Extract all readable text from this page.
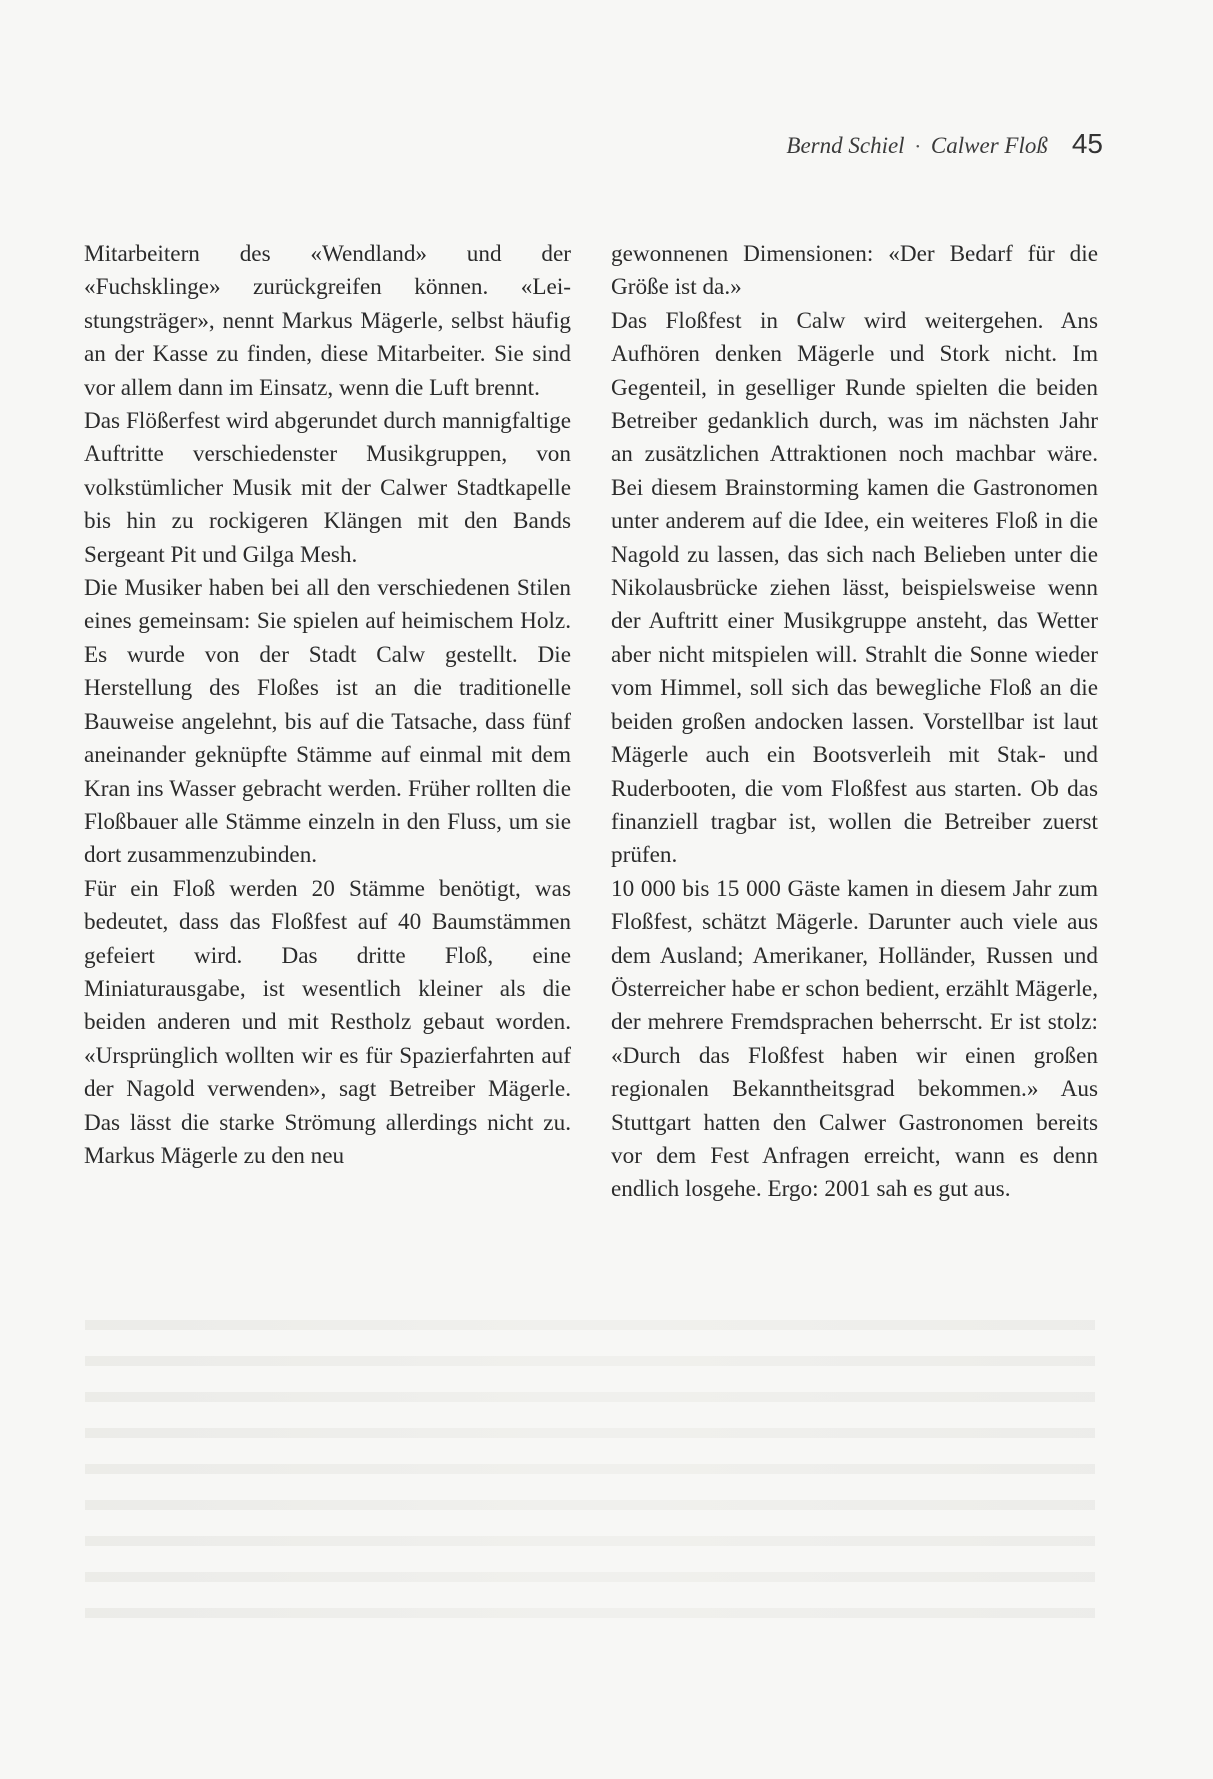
Bernd Schiel · Calwer Floß 45

Mitarbeitern des «Wendland» und der «Fuchsklinge» zurückgreifen können. «Leistungsträger», nennt Markus Mägerle, selbst häufig an der Kasse zu finden, diese Mitarbeiter. Sie sind vor allem dann im Einsatz, wenn die Luft brennt.

Das Flößerfest wird abgerundet durch mannigfaltige Auftritte verschiedenster Musikgruppen, von volkstümlicher Musik mit der Calwer Stadtkapelle bis hin zu rockigeren Klängen mit den Bands Sergeant Pit und Gilga Mesh.

Die Musiker haben bei all den verschiedenen Stilen eines gemeinsam: Sie spielen auf heimischem Holz. Es wurde von der Stadt Calw gestellt. Die Herstellung des Floßes ist an die traditionelle Bauweise angelehnt, bis auf die Tatsache, dass fünf aneinander geknüpfte Stämme auf einmal mit dem Kran ins Wasser gebracht werden. Früher rollten die Floßbauer alle Stämme einzeln in den Fluss, um sie dort zusammenzubinden.

Für ein Floß werden 20 Stämme benötigt, was bedeutet, dass das Floßfest auf 40 Baumstämmen gefeiert wird. Das dritte Floß, eine Miniaturausgabe, ist wesentlich kleiner als die beiden anderen und mit Restholz gebaut worden. «Ursprünglich wollten wir es für Spazierfahrten auf der Nagold verwenden», sagt Betreiber Mägerle. Das lässt die starke Strömung allerdings nicht zu. Markus Mägerle zu den neu

gewonnenen Dimensionen: «Der Bedarf für die Größe ist da.»

Das Floßfest in Calw wird weitergehen. Ans Aufhören denken Mägerle und Stork nicht. Im Gegenteil, in geselliger Runde spielten die beiden Betreiber gedanklich durch, was im nächsten Jahr an zusätzlichen Attraktionen noch machbar wäre. Bei diesem Brainstorming kamen die Gastronomen unter anderem auf die Idee, ein weiteres Floß in die Nagold zu lassen, das sich nach Belieben unter die Nikolausbrücke ziehen lässt, beispielsweise wenn der Auftritt einer Musikgruppe ansteht, das Wetter aber nicht mitspielen will. Strahlt die Sonne wieder vom Himmel, soll sich das bewegliche Floß an die beiden großen andocken lassen. Vorstellbar ist laut Mägerle auch ein Bootsverleih mit Stak- und Ruderbooten, die vom Floßfest aus starten. Ob das finanziell tragbar ist, wollen die Betreiber zuerst prüfen.

10 000 bis 15 000 Gäste kamen in diesem Jahr zum Floßfest, schätzt Mägerle. Darunter auch viele aus dem Ausland; Amerikaner, Holländer, Russen und Österreicher habe er schon bedient, erzählt Mägerle, der mehrere Fremdsprachen beherrscht. Er ist stolz: «Durch das Floßfest haben wir einen großen regionalen Bekanntheitsgrad bekommen.» Aus Stuttgart hatten den Calwer Gastronomen bereits vor dem Fest Anfragen erreicht, wann es denn endlich losgehe. Ergo: 2001 sah es gut aus.
